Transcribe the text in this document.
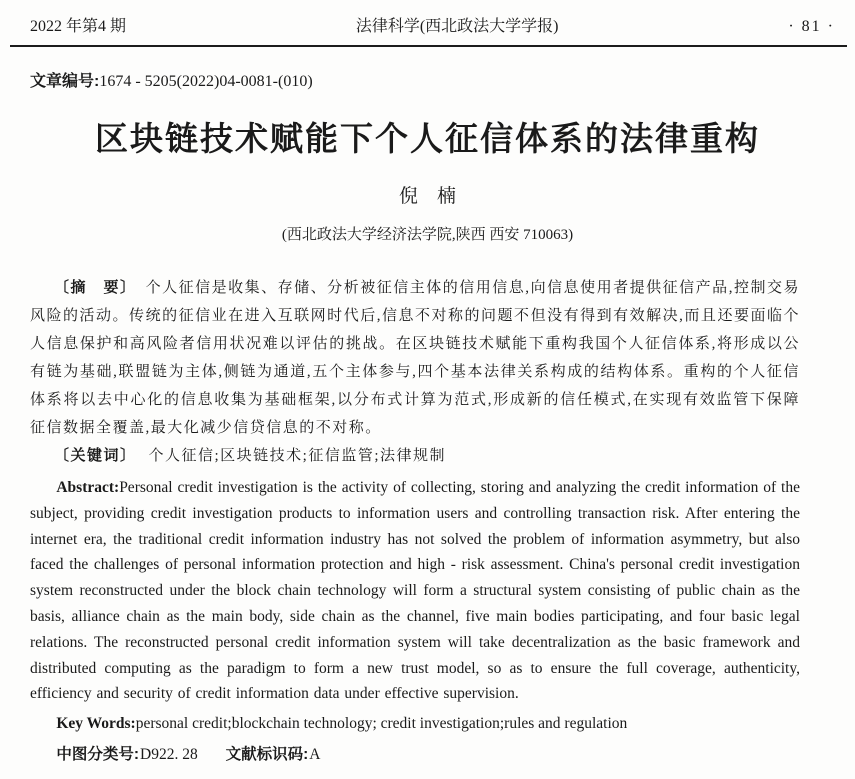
2022 年第4 期	法律科学(西北政法大学学报)	· 81 ·
文章编号:1674 - 5205(2022)04-0081-(010)
区块链技术赋能下个人征信体系的法律重构
倪　楠
(西北政法大学经济法学院,陕西 西安 710063)

〔摘　要〕 个人征信是收集、存储、分析被征信主体的信用信息,向信息使用者提供征信产品,控制交易风险的活动。传统的征信业在进入互联网时代后,信息不对称的问题不但没有得到有效解决,而且还要面临个人信息保护和高风险者信用状况难以评估的挑战。在区块链技术赋能下重构我国个人征信体系,将形成以公有链为基础,联盟链为主体,侧链为通道,五个主体参与,四个基本法律关系构成的结构体系。重构的个人征信体系将以去中心化的信息收集为基础框架,以分布式计算为范式,形成新的信任模式,在实现有效监管下保障征信数据全覆盖,最大化减少信贷信息的不对称。

〔关键词〕 个人征信;区块链技术;征信监管;法律规制

Abstract:Personal credit investigation is the activity of collecting, storing and analyzing the credit information of the subject, providing credit investigation products to information users and controlling transaction risk. After entering the internet era, the traditional credit information industry has not solved the problem of information asymmetry, but also faced the challenges of personal information protection and high - risk assessment. China's personal credit investigation system reconstructed under the block chain technology will form a structural system consisting of public chain as the basis, alliance chain as the main body, side chain as the channel, five main bodies participating, and four basic legal relations. The reconstructed personal credit information system will take decentralization as the basic framework and distributed computing as the paradigm to form a new trust model, so as to ensure the full coverage, authenticity, efficiency and security of credit information data under effective supervision.

Key Words:personal credit;blockchain technology; credit investigation;rules and regulation

中图分类号:D922. 28 文献标识码:A
